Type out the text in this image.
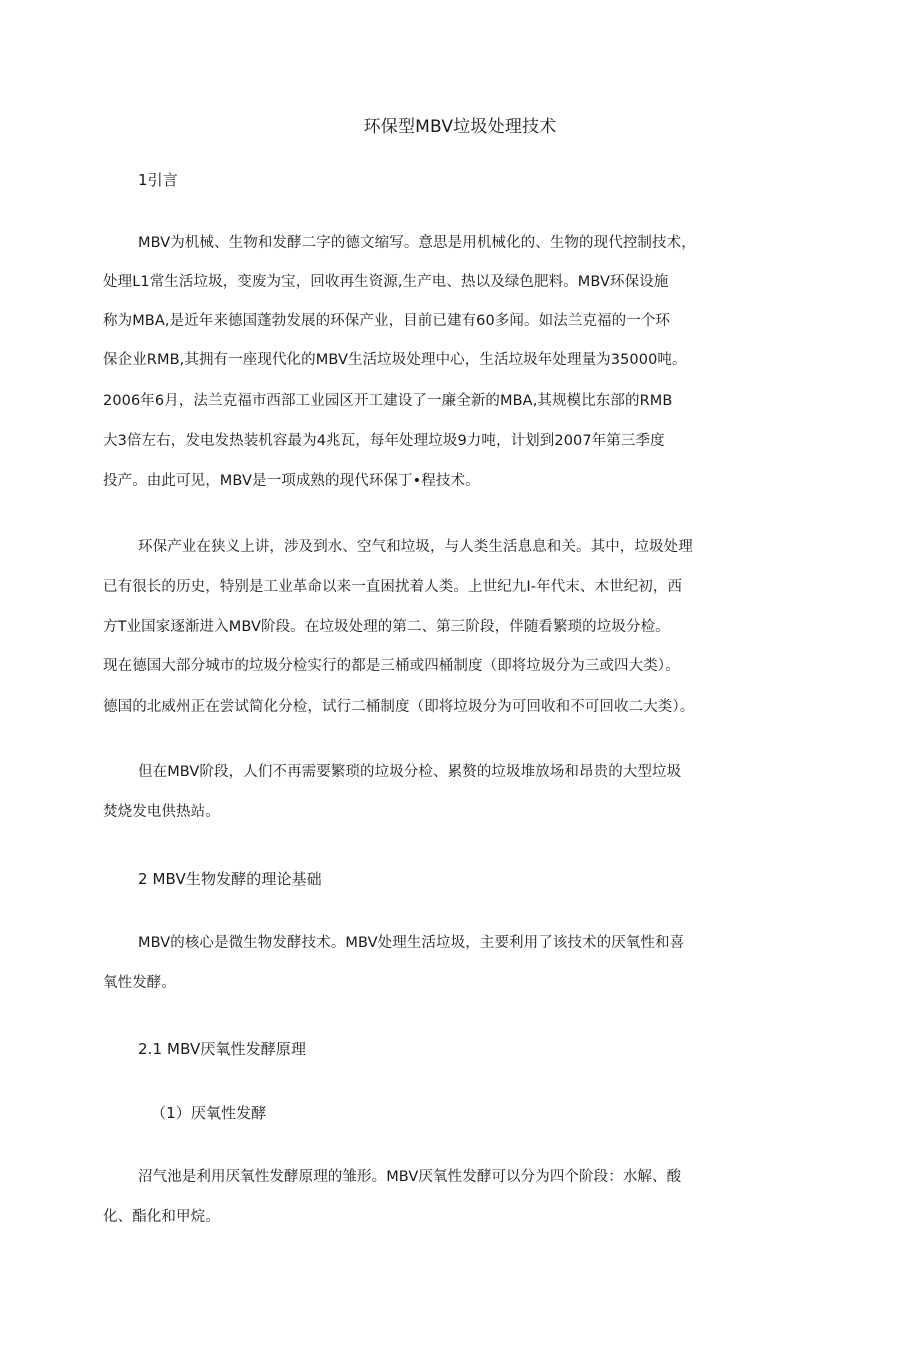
环保型MBV垃圾处理技术
1引言
MBV为机械、生物和发酵二字的德文缩写。意思是用机械化的、生物的现代控制技术，
处理L1常生活垃圾，变废为宝，回收再生资源,生产电、热以及绿色肥料。MBV环保设施
称为MBA,是近年来德国蓬勃发展的环保产业，目前已建有60多闻。如法兰克福的一个环
保企业RMB,其拥有一座现代化的MBV生活垃圾处理中心，生活垃圾年处理量为35000吨。
2006年6月，法兰克福市西部工业园区开工建设了一廉全新的MBA,其规模比东部的RMB
大3倍左右，发电发热装机容最为4兆瓦，每年处理垃圾9力吨，计划到2007年第三季度
投产。由此可见，MBV是一项成熟的现代环保丁•程技术。
环保产业在狭义上讲，涉及到水、空气和垃圾，与人类生活息息和关。其中，垃圾处理
已有很长的历史，特别是工业革命以来一直困扰着人类。上世纪九I-年代末、木世纪初，西
方T业国家逐渐进入MBV阶段。在垃圾处理的第二、第三阶段，伴随看繁琐的垃圾分检。
现在德国大部分城市的垃圾分检实行的都是三桶或四桶制度（即将垃圾分为三或四大类）。
德国的北威州正在尝试简化分检，试行二桶制度（即将垃圾分为可回收和不可回收二大类）。
但在MBV阶段，人们不再需要繁琐的垃圾分检、累赘的垃圾堆放场和昂贵的大型垃圾
焚烧发电供热站。
2 MBV生物发酵的理论基础
MBV的核心是微生物发酵技术。MBV处理生活垃圾，主要利用了该技术的厌氧性和喜
氧性发酵。
2.1 MBV厌氧性发酵原理
（1）厌氧性发酵
沼气池是利用厌氧性发酵原理的雏形。MBV厌氧性发酵可以分为四个阶段：水解、酸
化、酯化和甲烷。
